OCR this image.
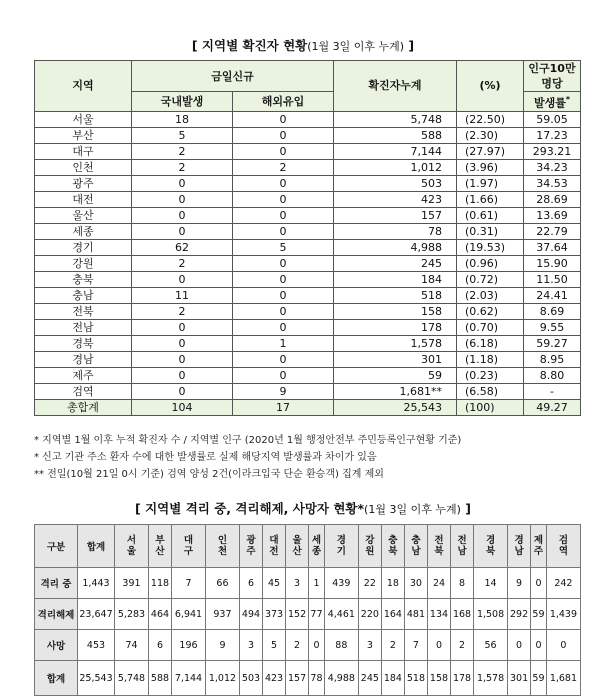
[ 지역별 확진자 현황(1월 3일 이후 누계) ]
지역	금일신규		확진자누계	(%)	인구10만명당
	국내발생	해외유입			발생률*
서울	18	0	5,748	(22.50)	59.05
부산	5	0	588	(2.30)	17.23
대구	2	0	7,144	(27.97)	293.21
인천	2	2	1,012	(3.96)	34.23
광주	0	0	503	(1.97)	34.53
대전	0	0	423	(1.66)	28.69
울산	0	0	157	(0.61)	13.69
세종	0	0	78	(0.31)	22.79
경기	62	5	4,988	(19.53)	37.64
강원	2	0	245	(0.96)	15.90
충북	0	0	184	(0.72)	11.50
충남	11	0	518	(2.03)	24.41
전북	2	0	158	(0.62)	8.69
전남	0	0	178	(0.70)	9.55
경북	0	1	1,578	(6.18)	59.27
경남	0	0	301	(1.18)	8.95
제주	0	0	59	(0.23)	8.80
검역	0	9	1,681**	(6.58)	-
총합계	104	17	25,543	(100)	49.27
* 지역별 1월 이후 누적 확진자 수 / 지역별 인구 (2020년 1월 행정안전부 주민등록인구현황 기준)
* 신고 기관 주소 환자 수에 대한 발생률로 실제 해당지역 발생률과 차이가 있음
** 전일(10월 21일 0시 기준) 검역 양성 2건(이라크입국 단순 환승객) 집계 제외
[ 지역별 격리 중, 격리해제, 사망자 현황*(1월 3일 이후 누계) ]
구분	합계	서울	부산	대구	인천	광주	대전	울산	세종	경기	강원	충북	충남	전북	전남	경북	경남	제주	검역
격리 중	1,443	391	118	7	66	6	45	3	1	439	22	18	30	24	8	14	9	0	242
격리해제	23,647	5,283	464	6,941	937	494	373	152	77	4,461	220	164	481	134	168	1,508	292	59	1,439
사망	453	74	6	196	9	3	5	2	0	88	3	2	7	0	2	56	0	0	0
합계	25,543	5,748	588	7,144	1,012	503	423	157	78	4,988	245	184	518	158	178	1,578	301	59	1,681
